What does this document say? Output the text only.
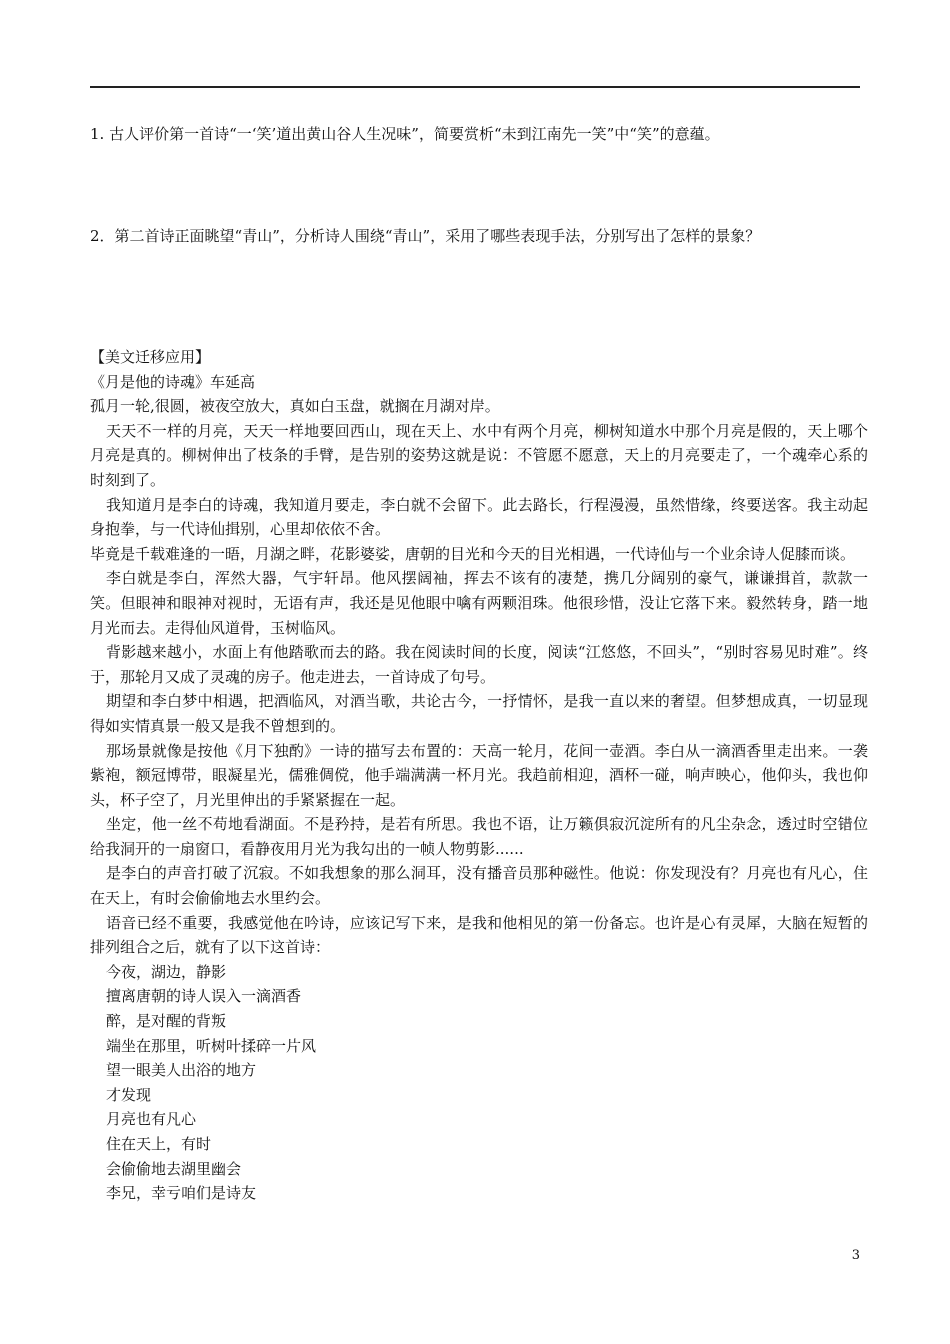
1. 古人评价第一首诗“一‘笑’道出黄山谷人生况味”，简要赏析“未到江南先一笑”中“笑”的意蕴。
2．第二首诗正面眺望“青山”，分析诗人围绕“青山”，采用了哪些表现手法，分别写出了怎样的景象？

【美文迁移应用】

《月是他的诗魂》车延高

孤月一轮,很圆，被夜空放大，真如白玉盘，就搁在月湖对岸。

天天不一样的月亮，天天一样地要回西山，现在天上、水中有两个月亮，柳树知道水中那个月亮是假的，天上哪个月亮是真的。柳树伸出了枝条的手臂，是告别的姿势这就是说：不管愿不愿意，天上的月亮要走了，一个魂牵心系的时刻到了。

我知道月是李白的诗魂，我知道月要走，李白就不会留下。此去路长，行程漫漫，虽然惜缘，终要送客。我主动起身抱拳，与一代诗仙揖别，心里却依依不舍。

毕竟是千载难逢的一晤，月湖之畔，花影婆娑，唐朝的目光和今天的目光相遇，一代诗仙与一个业余诗人促膝而谈。

李白就是李白，浑然大器，气宇轩昂。他风摆阔袖，挥去不该有的凄楚，携几分阔别的豪气，谦谦揖首，款款一笑。但眼神和眼神对视时，无语有声，我还是见他眼中噙有两颗泪珠。他很珍惜，没让它落下来。毅然转身，踏一地月光而去。走得仙风道骨，玉树临风。

背影越来越小，水面上有他踏歌而去的路。我在阅读时间的长度，阅读“江悠悠，不回头”，“别时容易见时难”。终于，那轮月又成了灵魂的房子。他走进去，一首诗成了句号。

期望和李白梦中相遇，把酒临风，对酒当歌，共论古今，一抒情怀，是我一直以来的奢望。但梦想成真，一切显现得如实情真景一般又是我不曾想到的。

那场景就像是按他《月下独酌》一诗的描写去布置的：天高一轮月，花间一壶酒。李白从一滴酒香里走出来。一袭紫袍，额冠博带，眼凝星光，儒雅倜傥，他手端满满一杯月光。我趋前相迎，酒杯一碰，响声映心，他仰头，我也仰头，杯子空了，月光里伸出的手紧紧握在一起。

坐定，他一丝不苟地看湖面。不是矜持，是若有所思。我也不语，让万籁俱寂沉淀所有的凡尘杂念，透过时空错位给我洞开的一扇窗口，看静夜用月光为我勾出的一帧人物剪影......

是李白的声音打破了沉寂。不如我想象的那么洞耳，没有播音员那种磁性。他说：你发现没有？月亮也有凡心，住在天上，有时会偷偷地去水里约会。

语音已经不重要，我感觉他在吟诗，应该记写下来，是我和他相见的第一份备忘。也许是心有灵犀，大脑在短暂的排列组合之后，就有了以下这首诗：

今夜，湖边，静影

擅离唐朝的诗人误入一滴酒香

醉，是对醒的背叛

端坐在那里，听树叶揉碎一片风

望一眼美人出浴的地方

才发现

月亮也有凡心

住在天上，有时

会偷偷地去湖里幽会

李兄，幸亏咱们是诗友

3
